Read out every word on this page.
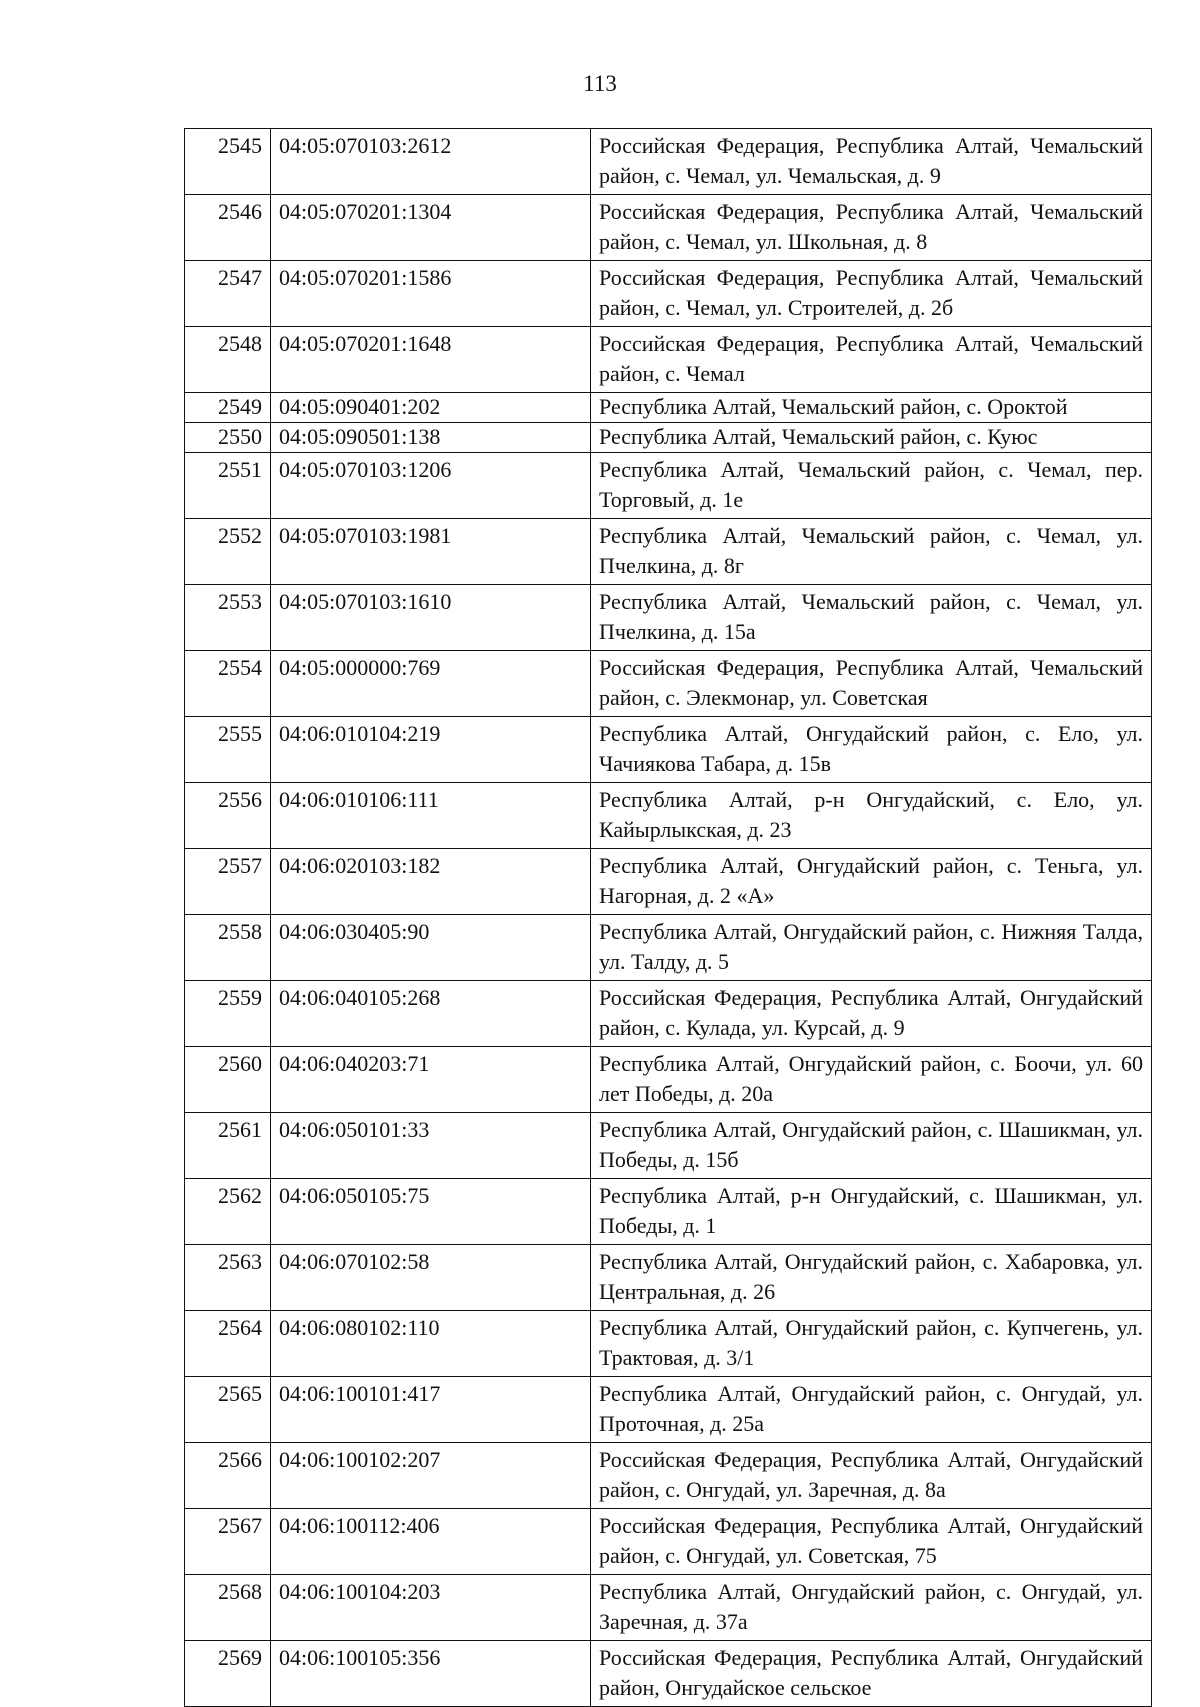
113
2545	04:05:070103:2612	Российская Федерация, Республика Алтай, Чемальский район, с. Чемал, ул. Чемальская, д. 9
2546	04:05:070201:1304	Российская Федерация, Республика Алтай, Чемальский район, с. Чемал, ул. Школьная, д. 8
2547	04:05:070201:1586	Российская Федерация, Республика Алтай, Чемальский район, с. Чемал, ул. Строителей, д. 2б
2548	04:05:070201:1648	Российская Федерация, Республика Алтай, Чемальский район, с. Чемал
2549	04:05:090401:202	Республика Алтай, Чемальский район, с. Ороктой
2550	04:05:090501:138	Республика Алтай, Чемальский район, с. Куюс
2551	04:05:070103:1206	Республика Алтай, Чемальский район, с. Чемал, пер. Торговый, д. 1е
2552	04:05:070103:1981	Республика Алтай, Чемальский район, с. Чемал, ул. Пчелкина, д. 8г
2553	04:05:070103:1610	Республика Алтай, Чемальский район, с. Чемал, ул. Пчелкина, д. 15а
2554	04:05:000000:769	Российская Федерация, Республика Алтай, Чемальский район, с. Элекмонар, ул. Советская
2555	04:06:010104:219	Республика Алтай, Онгудайский район, с. Ело, ул. Чачиякова Табара, д. 15в
2556	04:06:010106:111	Республика Алтай, р-н Онгудайский, с. Ело, ул. Кайырлыкская, д. 23
2557	04:06:020103:182	Республика Алтай, Онгудайский район, с. Теньга, ул. Нагорная, д. 2 «А»
2558	04:06:030405:90	Республика Алтай, Онгудайский район, с. Нижняя Талда, ул. Талду, д. 5
2559	04:06:040105:268	Российская Федерация, Республика Алтай, Онгудайский район, с. Кулада, ул. Курсай, д. 9
2560	04:06:040203:71	Республика Алтай, Онгудайский район, с. Боочи, ул. 60 лет Победы, д. 20а
2561	04:06:050101:33	Республика Алтай, Онгудайский район, с. Шашикман, ул. Победы, д. 15б
2562	04:06:050105:75	Республика Алтай, р-н Онгудайский, с. Шашикман, ул. Победы, д. 1
2563	04:06:070102:58	Республика Алтай, Онгудайский район, с. Хабаровка, ул. Центральная, д. 26
2564	04:06:080102:110	Республика Алтай, Онгудайский район, с. Купчегень, ул. Трактовая, д. 3/1
2565	04:06:100101:417	Республика Алтай, Онгудайский район, с. Онгудай, ул. Проточная, д. 25а
2566	04:06:100102:207	Российская Федерация, Республика Алтай, Онгудайский район, с. Онгудай, ул. Заречная, д. 8а
2567	04:06:100112:406	Российская Федерация, Республика Алтай, Онгудайский район, с. Онгудай, ул. Советская, 75
2568	04:06:100104:203	Республика Алтай, Онгудайский район, с. Онгудай, ул. Заречная, д. 37а
2569	04:06:100105:356	Российская Федерация, Республика Алтай, Онгудайский район, Онгудайское сельское
